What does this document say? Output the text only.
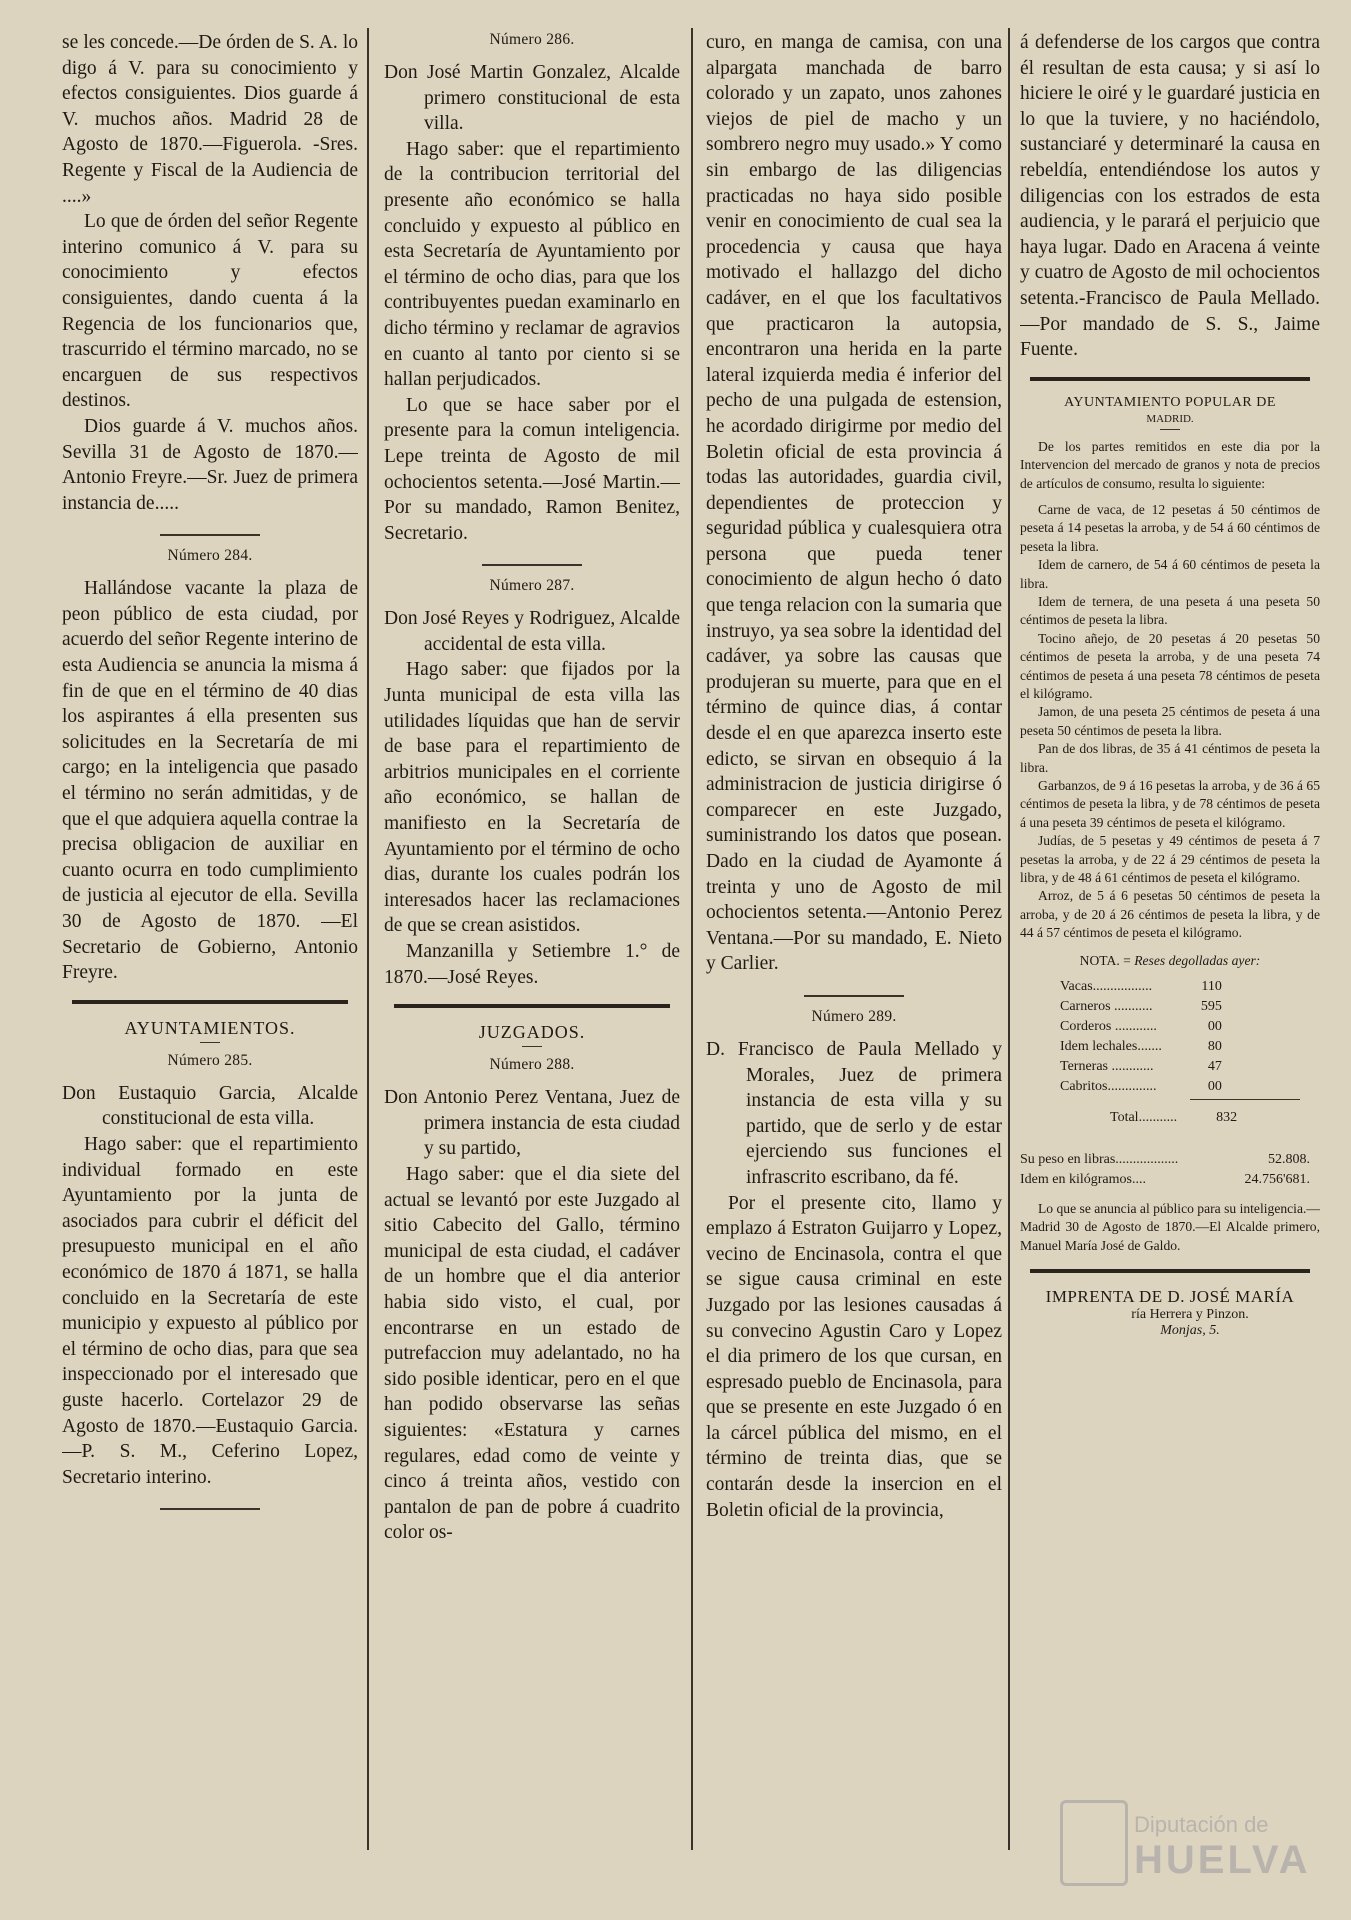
se les concede.—De órden de S. A. lo digo á V. para su conocimiento y efectos consiguientes. Dios guarde á V. muchos años. Madrid 28 de Agosto de 1870.—Figuerola. -Sres. Regente y Fiscal de la Audiencia de ....»

Lo que de órden del señor Regente interino comunico á V. para su conocimiento y efectos consiguientes, dando cuenta á la Regencia de los funcionarios que, trascurrido el término marcado, no se encarguen de sus respectivos destinos.

Dios guarde á V. muchos años. Sevilla 31 de Agosto de 1870.—Antonio Freyre.—Sr. Juez de primera instancia de.....

Número 284.

Hallándose vacante la plaza de peon público de esta ciudad, por acuerdo del señor Regente interino de esta Audiencia se anuncia la misma á fin de que en el término de 40 dias los aspirantes á ella presenten sus solicitudes en la Secretaría de mi cargo; en la inteligencia que pasado el término no serán admitidas, y de que el que adquiera aquella contrae la precisa obligacion de auxiliar en cuanto ocurra en todo cumplimiento de justicia al ejecutor de ella. Sevilla 30 de Agosto de 1870. —El Secretario de Gobierno, Antonio Freyre.

AYUNTAMIENTOS.
Número 285.

Don Eustaquio Garcia, Alcalde constitucional de esta villa.

Hago saber: que el repartimiento individual formado en este Ayuntamiento por la junta de asociados para cubrir el déficit del presupuesto municipal en el año económico de 1870 á 1871, se halla concluido en la Secretaría de este municipio y expuesto al público por el término de ocho dias, para que sea inspeccionado por el interesado que guste hacerlo. Cortelazor 29 de Agosto de 1870.—Eustaquio Garcia.—P. S. M., Ceferino Lopez, Secretario interino.

Número 286.

Don José Martin Gonzalez, Alcalde primero constitucional de esta villa.

Hago saber: que el repartimiento de la contribucion territorial del presente año económico se halla concluido y expuesto al público en esta Secretaría de Ayuntamiento por el término de ocho dias, para que los contribuyentes puedan examinarlo en dicho término y reclamar de agravios en cuanto al tanto por ciento si se hallan perjudicados.

Lo que se hace saber por el presente para la comun inteligencia. Lepe treinta de Agosto de mil ochocientos setenta.—José Martin.—Por su mandado, Ramon Benitez, Secretario.

Número 287.

Don José Reyes y Rodriguez, Alcalde accidental de esta villa.

Hago saber: que fijados por la Junta municipal de esta villa las utilidades líquidas que han de servir de base para el repartimiento de arbitrios municipales en el corriente año económico, se hallan de manifiesto en la Secretaría de Ayuntamiento por el término de ocho dias, durante los cuales podrán los interesados hacer las reclamaciones de que se crean asistidos.

Manzanilla y Setiembre 1.° de 1870.—José Reyes.

JUZGADOS.
Número 288.

Don Antonio Perez Ventana, Juez de primera instancia de esta ciudad y su partido,

Hago saber: que el dia siete del actual se levantó por este Juzgado al sitio Cabecito del Gallo, término municipal de esta ciudad, el cadáver de un hombre que el dia anterior habia sido visto, el cual, por encontrarse en un estado de putrefaccion muy adelantado, no ha sido posible identicar, pero en el que han podido observarse las señas siguientes: «Estatura y carnes regulares, edad como de veinte y cinco á treinta años, vestido con pantalon de pan de pobre á cuadrito color os-

curo, en manga de camisa, con una alpargata manchada de barro colorado y un zapato, unos zahones viejos de piel de macho y un sombrero negro muy usado.» Y como sin embargo de las diligencias practicadas no haya sido posible venir en conocimiento de cual sea la procedencia y causa que haya motivado el hallazgo del dicho cadáver, en el que los facultativos que practicaron la autopsia, encontraron una herida en la parte lateral izquierda media é inferior del pecho de una pulgada de estension, he acordado dirigirme por medio del Boletin oficial de esta provincia á todas las autoridades, guardia civil, dependientes de proteccion y seguridad pública y cualesquiera otra persona que pueda tener conocimiento de algun hecho ó dato que tenga relacion con la sumaria que instruyo, ya sea sobre la identidad del cadáver, ya sobre las causas que produjeran su muerte, para que en el término de quince dias, á contar desde el en que aparezca inserto este edicto, se sirvan en obsequio á la administracion de justicia dirigirse ó comparecer en este Juzgado, suministrando los datos que posean. Dado en la ciudad de Ayamonte á treinta y uno de Agosto de mil ochocientos setenta.—Antonio Perez Ventana.—Por su mandado, E. Nieto y Carlier.

Número 289.

D. Francisco de Paula Mellado y Morales, Juez de primera instancia de esta villa y su partido, que de serlo y de estar ejerciendo sus funciones el infrascrito escribano, da fé.

Por el presente cito, llamo y emplazo á Estraton Guijarro y Lopez, vecino de Encinasola, contra el que se sigue causa criminal en este Juzgado por las lesiones causadas á su convecino Agustin Caro y Lopez el dia primero de los que cursan, en espresado pueblo de Encinasola, para que se presente en este Juzgado ó en la cárcel pública del mismo, en el término de treinta dias, que se contarán desde la insercion en el Boletin oficial de la provincia,

á defenderse de los cargos que contra él resultan de esta causa; y si así lo hiciere le oiré y le guardaré justicia en lo que la tuviere, y no haciéndolo, sustanciaré y determinaré la causa en rebeldía, entendiéndose los autos y diligencias con los estrados de esta audiencia, y le parará el perjuicio que haya lugar. Dado en Aracena á veinte y cuatro de Agosto de mil ochocientos setenta.-Francisco de Paula Mellado.—Por mandado de S. S., Jaime Fuente.

AYUNTAMIENTO POPULAR DE
MADRID.

De los partes remitidos en este dia por la Intervencion del mercado de granos y nota de precios de artículos de consumo, resulta lo siguiente:

Carne de vaca, de 12 pesetas á 50 céntimos de peseta á 14 pesetas la arroba, y de 54 á 60 céntimos de peseta la libra.

Idem de carnero, de 54 á 60 céntimos de peseta la libra.

Idem de ternera, de una peseta á una peseta 50 céntimos de peseta la libra.

Tocino añejo, de 20 pesetas á 20 pesetas 50 céntimos de peseta la arroba, y de una peseta 74 céntimos de peseta á una peseta 78 céntimos de peseta el kilógramo.

Jamon, de una peseta 25 céntimos de peseta á una peseta 50 céntimos de peseta la libra.

Pan de dos libras, de 35 á 41 céntimos de peseta la libra.

Garbanzos, de 9 á 16 pesetas la arroba, y de 36 á 65 céntimos de peseta la libra, y de 78 céntimos de peseta á una peseta 39 céntimos de peseta el kilógramo.

Judías, de 5 pesetas y 49 céntimos de peseta á 7 pesetas la arroba, y de 22 á 29 céntimos de peseta la libra, y de 48 á 61 céntimos de peseta el kilógramo.

Arroz, de 5 á 6 pesetas 50 céntimos de peseta la arroba, y de 20 á 26 céntimos de peseta la libra, y de 44 á 57 céntimos de peseta el kilógramo.

NOTA. = Reses degolladas ayer:
Vacas.................	110
Carneros ...........	595
Corderos ............	00
Idem lechales.......	80
Terneras ............	47
Cabritos..............	00
Total...........	832
Su peso en libras..................	52.808.
Idem en kilógramos....	24.756'681.

Lo que se anuncia al público para su inteligencia.—Madrid 30 de Agosto de 1870.—El Alcalde primero, Manuel María José de Galdo.

IMPRENTA DE D. JOSÉ MARÍA
ría Herrera y Pinzon.
Monjas, 5.
Diputación de
HUELVA
